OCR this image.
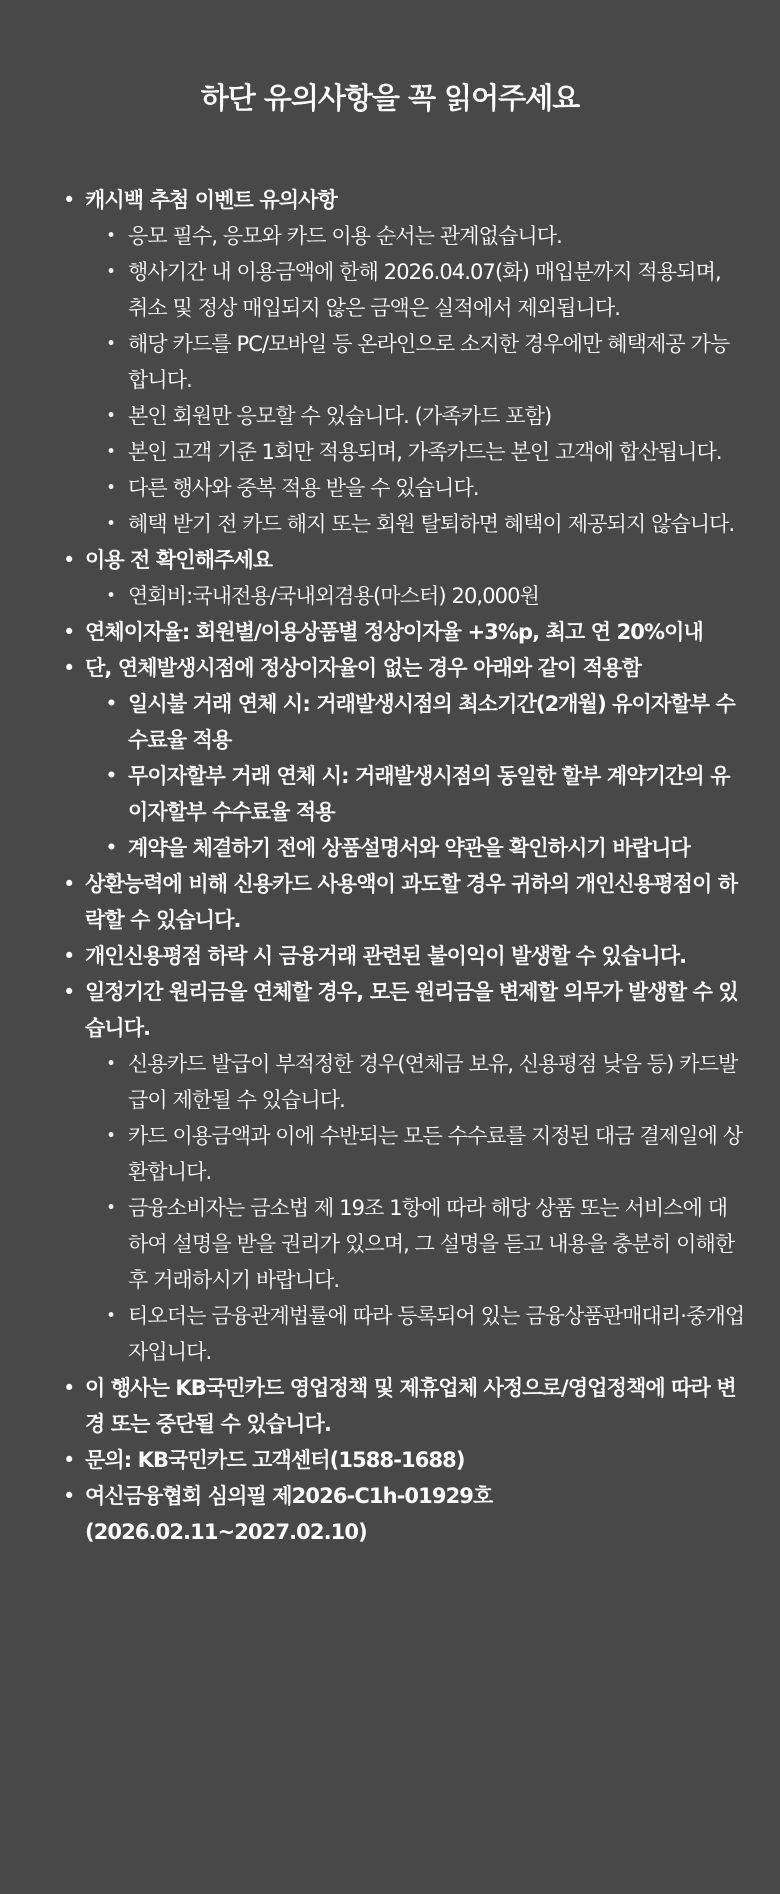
하단 유의사항을 꼭 읽어주세요
• 캐시백 추첨 이벤트 유의사항
• 응모 필수, 응모와 카드 이용 순서는 관계없습니다.
• 행사기간 내 이용금액에 한해 2026.04.07(화) 매입분까지 적용되며, 취소 및 정상 매입되지 않은 금액은 실적에서 제외됩니다.
• 해당 카드를 PC/모바일 등 온라인으로 소지한 경우에만 혜택제공 가능합니다.
• 본인 회원만 응모할 수 있습니다. (가족카드 포함)
• 본인 고객 기준 1회만 적용되며, 가족카드는 본인 고객에 합산됩니다.
• 다른 행사와 중복 적용 받을 수 있습니다.
• 혜택 받기 전 카드 해지 또는 회원 탈퇴하면 혜택이 제공되지 않습니다.
• 이용 전 확인해주세요
• 연회비:국내전용/국내외겸용(마스터) 20,000원
• 연체이자율: 회원별/이용상품별 정상이자율 +3%p, 최고 연 20%이내
• 단, 연체발생시점에 정상이자율이 없는 경우 아래와 같이 적용함
• 일시불 거래 연체 시: 거래발생시점의 최소기간(2개월) 유이자할부 수수료율 적용
• 무이자할부 거래 연체 시: 거래발생시점의 동일한 할부 계약기간의 유이자할부 수수료율 적용
• 계약을 체결하기 전에 상품설명서와 약관을 확인하시기 바랍니다
• 상환능력에 비해 신용카드 사용액이 과도할 경우 귀하의 개인신용평점이 하락할 수 있습니다.
• 개인신용평점 하락 시 금융거래 관련된 불이익이 발생할 수 있습니다.
• 일정기간 원리금을 연체할 경우, 모든 원리금을 변제할 의무가 발생할 수 있습니다.
• 신용카드 발급이 부적정한 경우(연체금 보유, 신용평점 낮음 등) 카드발급이 제한될 수 있습니다.
• 카드 이용금액과 이에 수반되는 모든 수수료를 지정된 대금 결제일에 상환합니다.
• 금융소비자는 금소법 제 19조 1항에 따라 해당 상품 또는 서비스에 대하여 설명을 받을 권리가 있으며, 그 설명을 듣고 내용을 충분히 이해한 후 거래하시기 바랍니다.
• 티오더는 금융관계법률에 따라 등록되어 있는 금융상품판매대리·중개업자입니다.
• 이 행사는 KB국민카드 영업정책 및 제휴업체 사정으로/영업정책에 따라 변경 또는 중단될 수 있습니다.
• 문의: KB국민카드 고객센터(1588-1688)
• 여신금융협회 심의필 제2026-C1h-01929호 (2026.02.11~2027.02.10)
